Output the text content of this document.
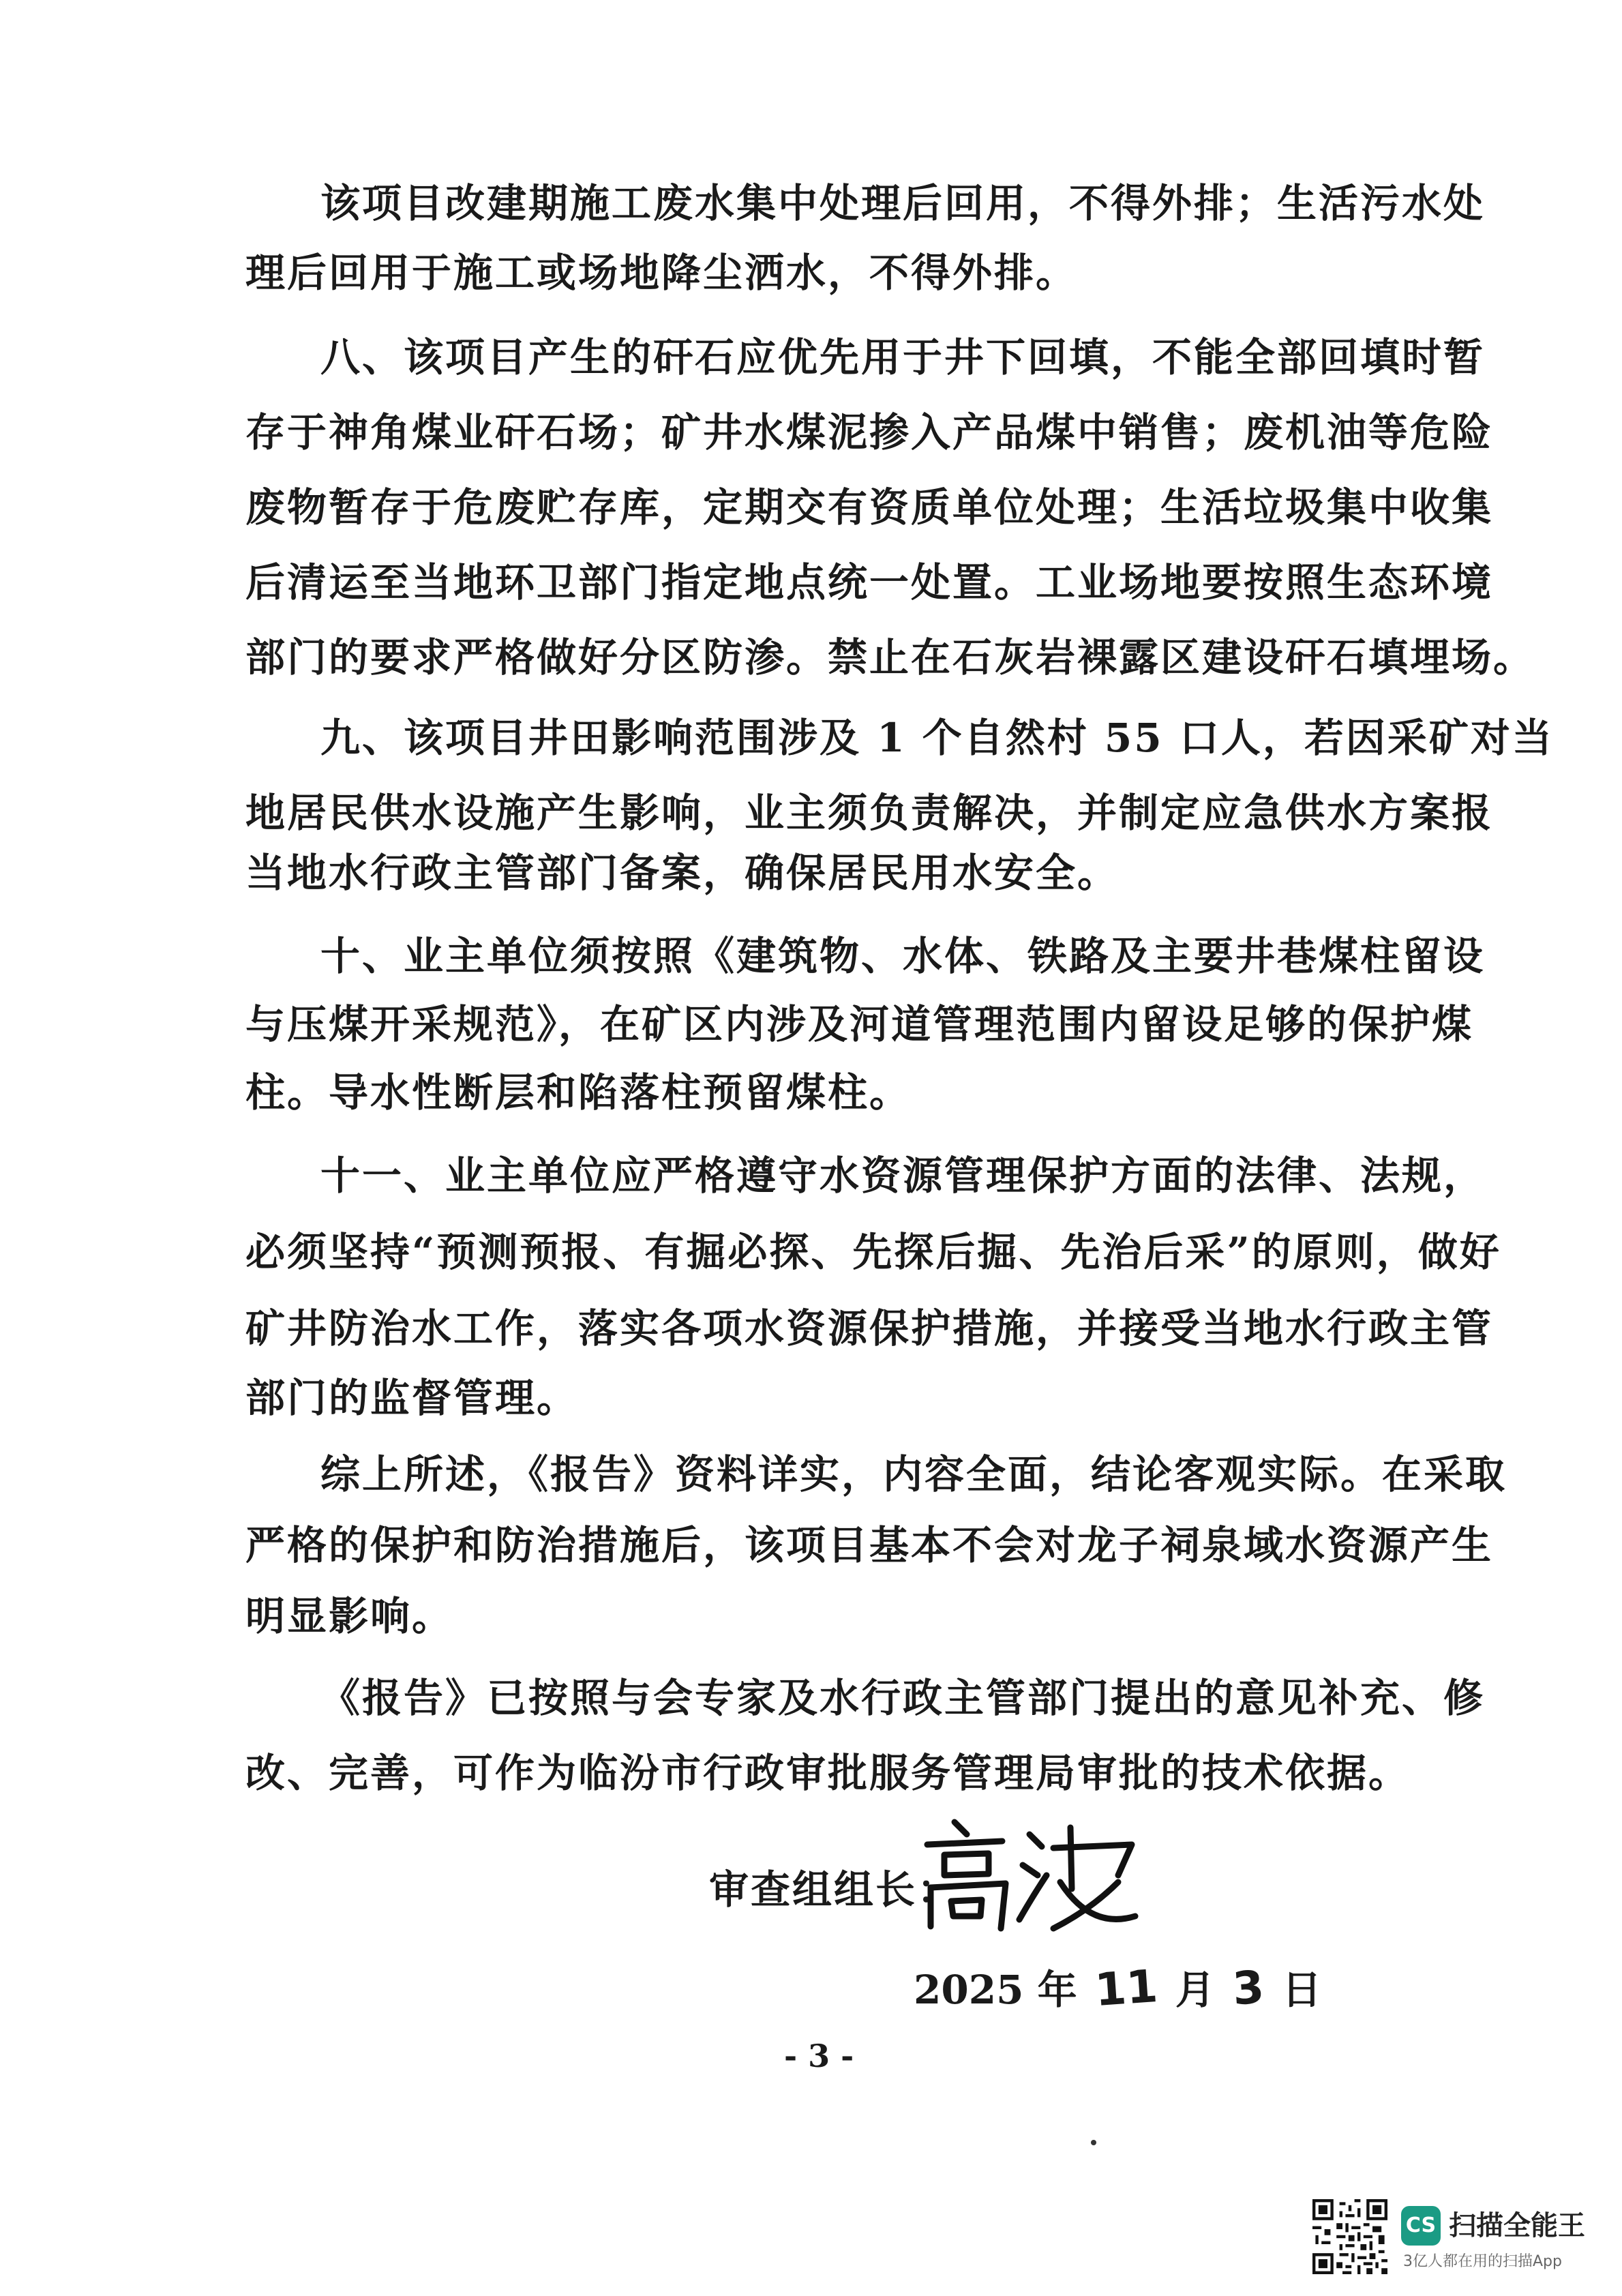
该项目改建期施工废水集中处理后回用，不得外排；生活污水处
理后回用于施工或场地降尘洒水，不得外排。
八、该项目产生的矸石应优先用于井下回填，不能全部回填时暂
存于神角煤业矸石场；矿井水煤泥掺入产品煤中销售；废机油等危险
废物暂存于危废贮存库，定期交有资质单位处理；生活垃圾集中收集
后清运至当地环卫部门指定地点统一处置。工业场地要按照生态环境
部门的要求严格做好分区防渗。禁止在石灰岩裸露区建设矸石填埋场。
九、该项目井田影响范围涉及 1 个自然村 55 口人，若因采矿对当
地居民供水设施产生影响，业主须负责解决，并制定应急供水方案报
当地水行政主管部门备案，确保居民用水安全。
十、业主单位须按照《建筑物、水体、铁路及主要井巷煤柱留设
与压煤开采规范》，在矿区内涉及河道管理范围内留设足够的保护煤
柱。导水性断层和陷落柱预留煤柱。
十一、业主单位应严格遵守水资源管理保护方面的法律、法规，
必须坚持“预测预报、有掘必探、先探后掘、先治后采”的原则，做好
矿井防治水工作，落实各项水资源保护措施，并接受当地水行政主管
部门的监督管理。
综上所述，《报告》资料详实，内容全面，结论客观实际。在采取
严格的保护和防治措施后，该项目基本不会对龙子祠泉域水资源产生
明显影响。
《报告》已按照与会专家及水行政主管部门提出的意见补充、修
改、完善，可作为临汾市行政审批服务管理局审批的技术依据。
审查组组长：
2025 年 11 月 3 日
- 3 -
CS 扫描全能王
3亿人都在用的扫描App
